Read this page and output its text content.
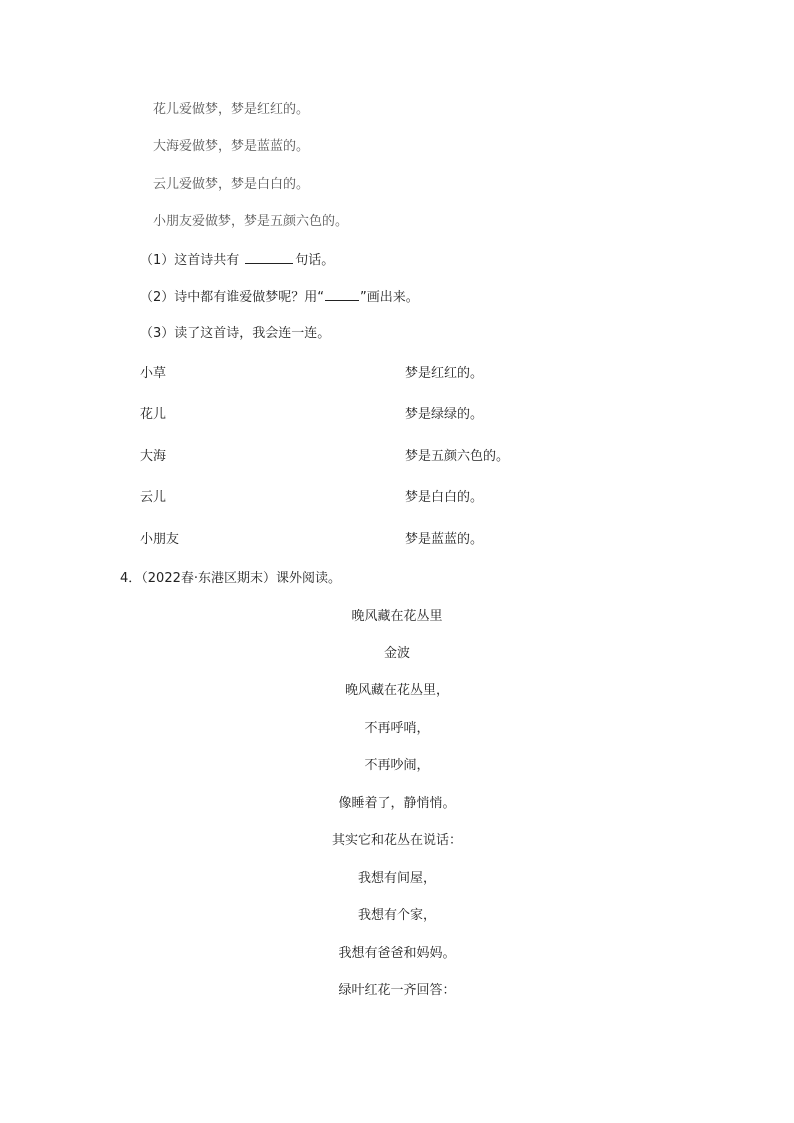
花儿爱做梦，梦是红红的。
大海爱做梦，梦是蓝蓝的。
云儿爱做梦，梦是白白的。
小朋友爱做梦，梦是五颜六色的。
（1）这首诗共有	句话。
（2）诗中都有谁爱做梦呢？用“	”画出来。
（3）读了这首诗，我会连一连。
小草	梦是红红的。
花儿	梦是绿绿的。
大海	梦是五颜六色的。
云儿	梦是白白的。
小朋友	梦是蓝蓝的。
4．（2022春·东港区期末）课外阅读。
晚风藏在花丛里
金波
晚风藏在花丛里，
不再呼哨，
不再吵闹，
像睡着了，静悄悄。
其实它和花丛在说话：
我想有间屋，
我想有个家，
我想有爸爸和妈妈。
绿叶红花一齐回答：
